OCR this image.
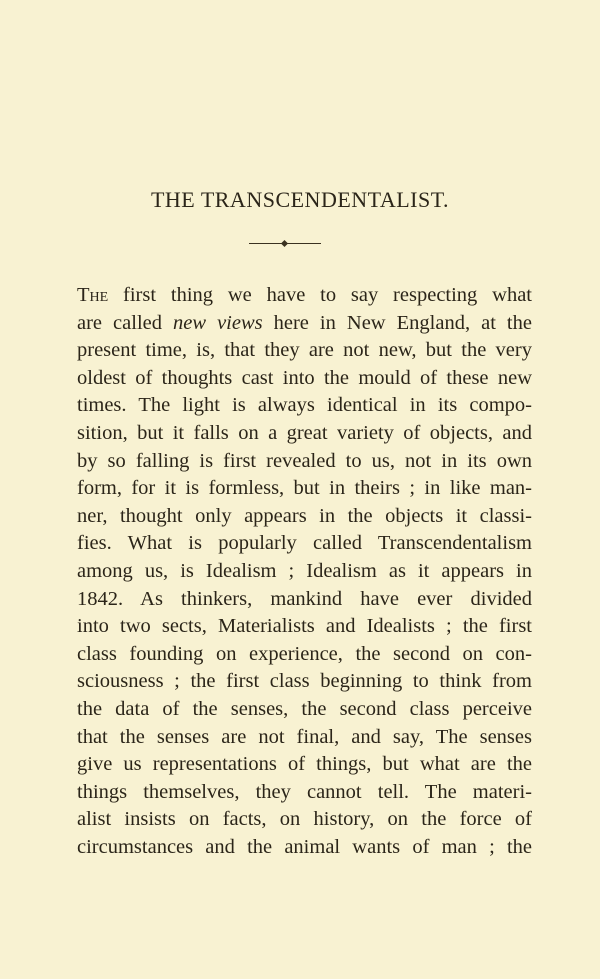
THE TRANSCENDENTALIST.
The first thing we have to say respecting what
are called new views here in New England, at the
present time, is, that they are not new, but the very
oldest of thoughts cast into the mould of these new
times. The light is always identical in its compo-
sition, but it falls on a great variety of objects, and
by so falling is first revealed to us, not in its own
form, for it is formless, but in theirs ; in like man-
ner, thought only appears in the objects it classi-
fies. What is popularly called Transcendentalism
among us, is Idealism ; Idealism as it appears in
1842. As thinkers, mankind have ever divided
into two sects, Materialists and Idealists ; the first
class founding on experience, the second on con-
sciousness ; the first class beginning to think from
the data of the senses, the second class perceive
that the senses are not final, and say, The senses
give us representations of things, but what are the
things themselves, they cannot tell. The materi-
alist insists on facts, on history, on the force of
circumstances and the animal wants of man ; the
